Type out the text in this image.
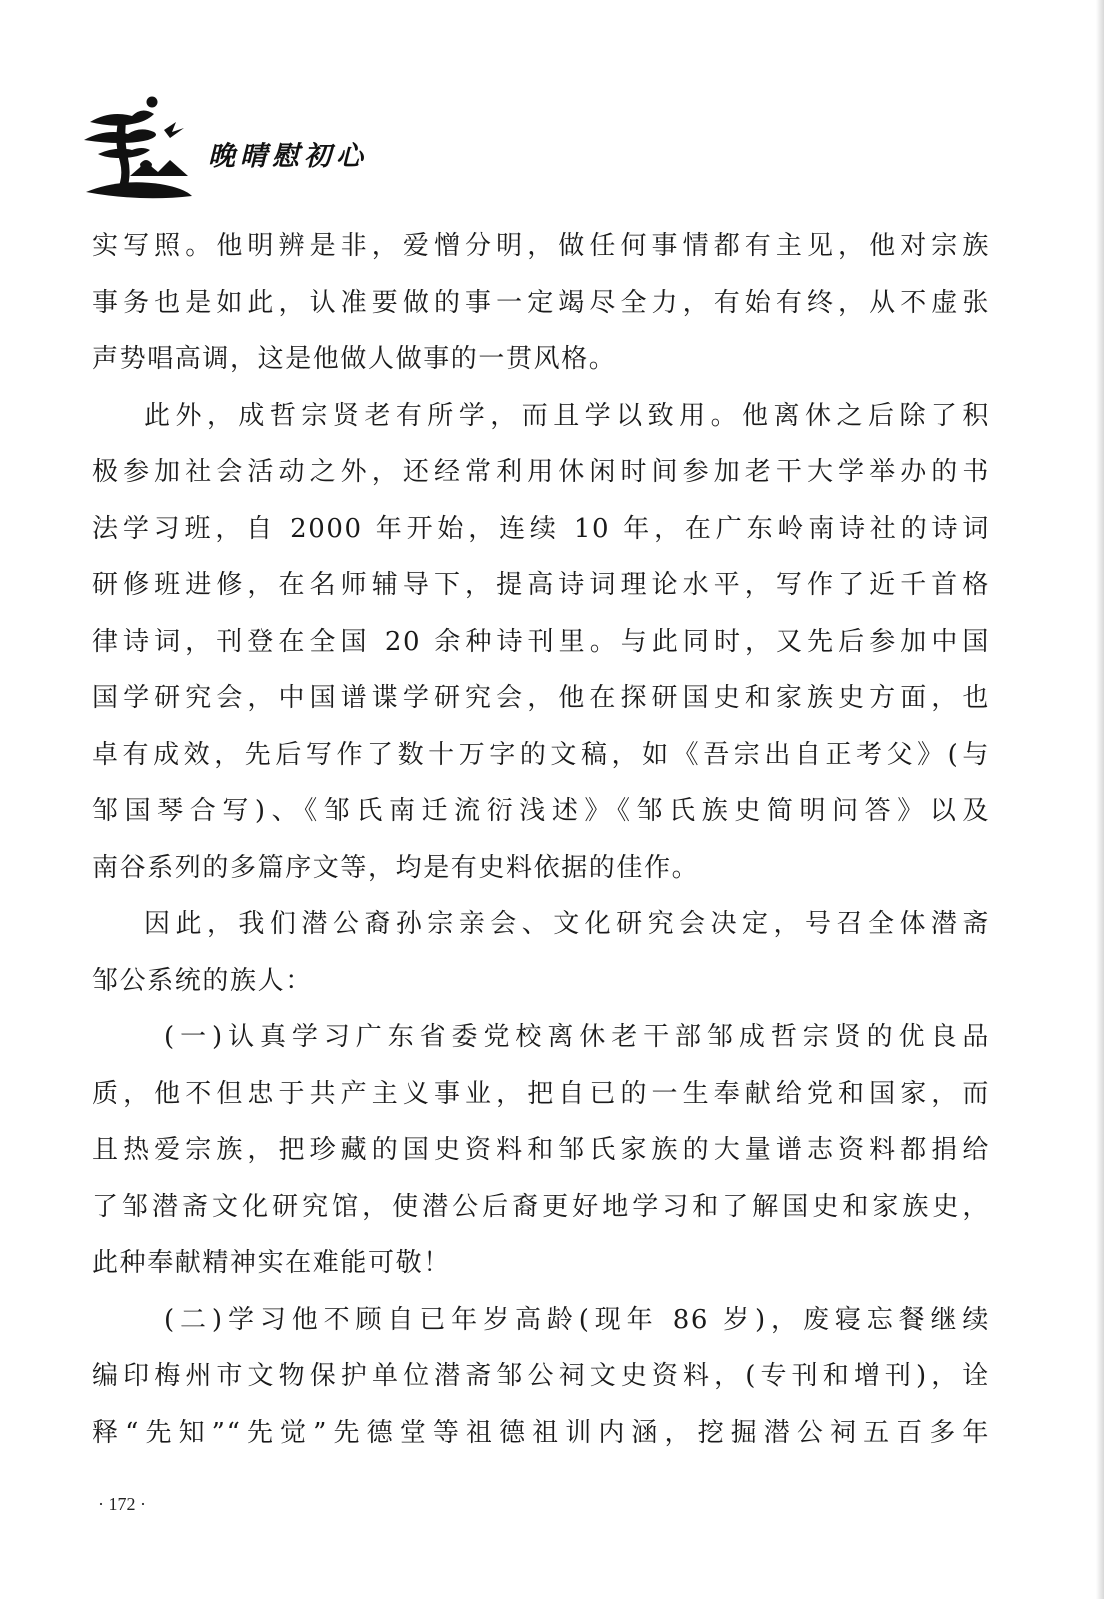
晚晴慰初心
实写照。他明辨是非，爱憎分明，做任何事情都有主见，他对宗族
事务也是如此，认准要做的事一定竭尽全力，有始有终，从不虚张
声势唱高调，这是他做人做事的一贯风格。
此外，成哲宗贤老有所学，而且学以致用。他离休之后除了积
极参加社会活动之外，还经常利用休闲时间参加老干大学举办的书
法学习班，自 2000 年开始，连续 10 年，在广东岭南诗社的诗词
研修班进修，在名师辅导下，提高诗词理论水平，写作了近千首格
律诗词，刊登在全国 20 余种诗刊里。与此同时，又先后参加中国
国学研究会，中国谱谍学研究会，他在探研国史和家族史方面，也
卓有成效，先后写作了数十万字的文稿，如《吾宗出自正考父》(与
邹国琴合写)、《邹氏南迁流衍浅述》《邹氏族史简明问答》以及
南谷系列的多篇序文等，均是有史料依据的佳作。
因此，我们潜公裔孙宗亲会、文化研究会决定，号召全体潜斋
邹公系统的族人：
(一)认真学习广东省委党校离休老干部邹成哲宗贤的优良品
质，他不但忠于共产主义事业，把自已的一生奉献给党和国家，而
且热爱宗族，把珍藏的国史资料和邹氏家族的大量谱志资料都捐给
了邹潜斋文化研究馆，使潜公后裔更好地学习和了解国史和家族史，
此种奉献精神实在难能可敬！
(二)学习他不顾自已年岁高龄(现年 86 岁)，废寝忘餐继续
编印梅州市文物保护单位潜斋邹公祠文史资料，(专刊和增刊)，诠
释“先知”“先觉”先德堂等祖德祖训内涵，挖掘潜公祠五百多年
· 172 ·
